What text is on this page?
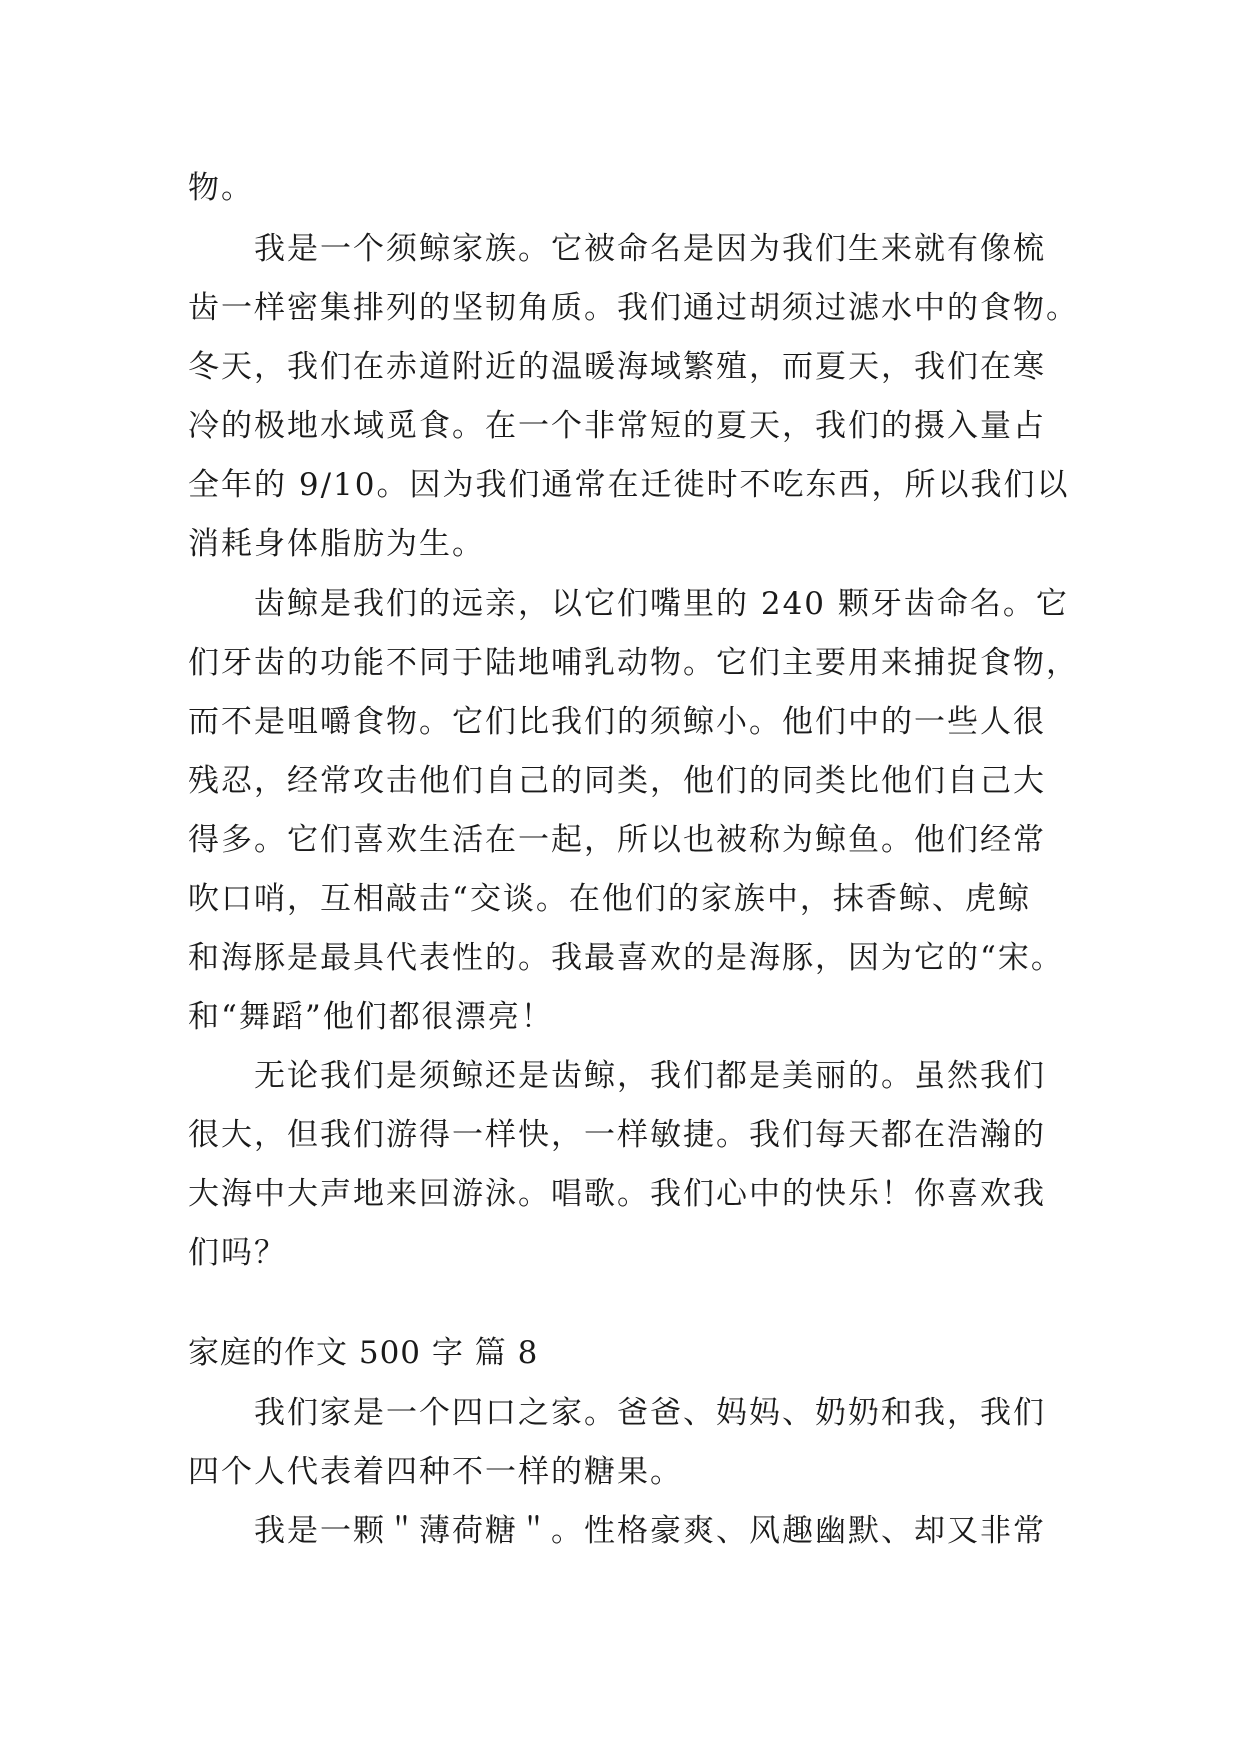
物。
我是一个须鲸家族。它被命名是因为我们生来就有像梳
齿一样密集排列的坚韧角质。我们通过胡须过滤水中的食物。
冬天，我们在赤道附近的温暖海域繁殖，而夏天，我们在寒
冷的极地水域觅食。在一个非常短的夏天，我们的摄入量占
全年的 9/10。因为我们通常在迁徙时不吃东西，所以我们以
消耗身体脂肪为生。
齿鲸是我们的远亲，以它们嘴里的 240 颗牙齿命名。它
们牙齿的功能不同于陆地哺乳动物。它们主要用来捕捉食物，
而不是咀嚼食物。它们比我们的须鲸小。他们中的一些人很
残忍，经常攻击他们自己的同类，他们的同类比他们自己大
得多。它们喜欢生活在一起，所以也被称为鲸鱼。他们经常
吹口哨，互相敲击“交谈。在他们的家族中，抹香鲸、虎鲸
和海豚是最具代表性的。我最喜欢的是海豚，因为它的“宋。
和“舞蹈”他们都很漂亮！
无论我们是须鲸还是齿鲸，我们都是美丽的。虽然我们
很大，但我们游得一样快，一样敏捷。我们每天都在浩瀚的
大海中大声地来回游泳。唱歌。我们心中的快乐！你喜欢我
们吗？
家庭的作文 500 字 篇 8
我们家是一个四口之家。爸爸、妈妈、奶奶和我，我们
四个人代表着四种不一样的糖果。
我是一颗＂薄荷糖＂。性格豪爽、风趣幽默、却又非常
